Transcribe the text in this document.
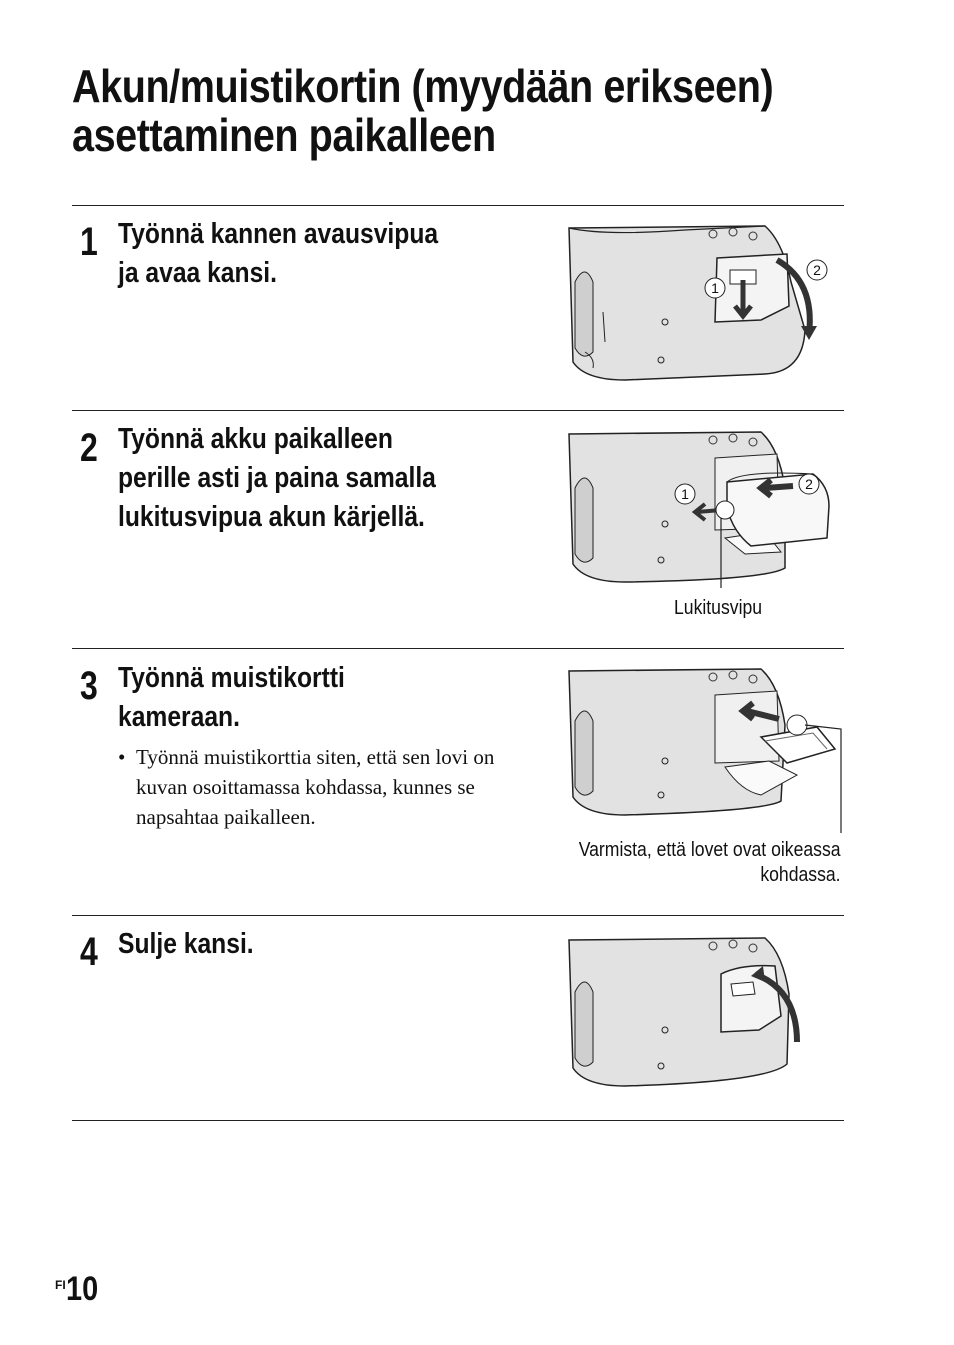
Akun/muistikortin (myydään erikseen)
asettaminen paikalleen
1 Työnnä kannen avausvipua
ja avaa kansi.	1
2
2 Työnnä akku paikalleen
perille asti ja paina samalla
lukitusvipua akun kärjellä.
1
2
Lukitusvipu
3 Työnnä muistikortti
kameraan.
• Työnnä muistikorttia siten, että sen lovi on kuvan osoittamassa kohdassa, kunnes se napsahtaa paikalleen.
Varmista, että lovet ovat oikeassa
kohdassa.
4 Sulje kansi.
$^{FI}$10
